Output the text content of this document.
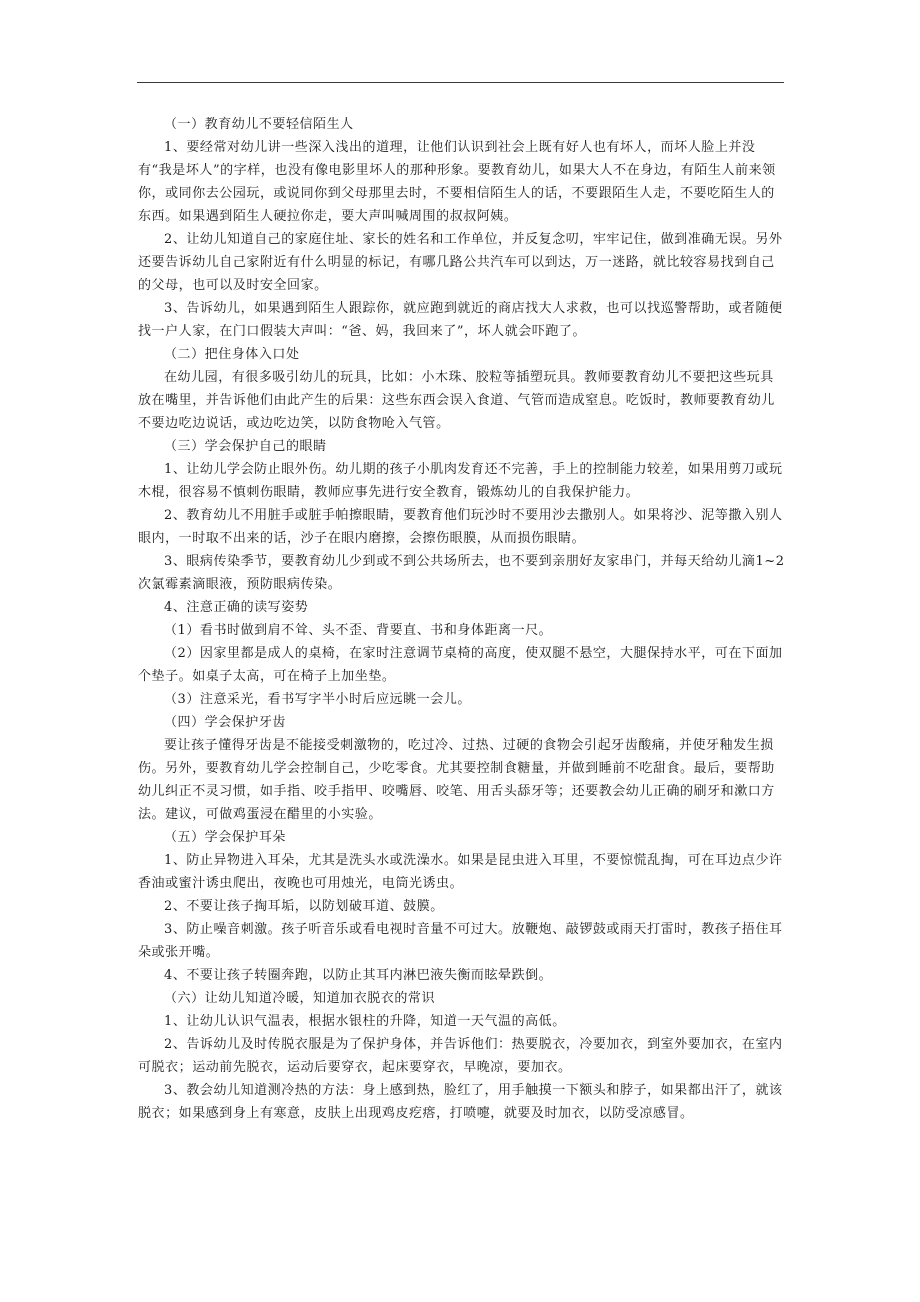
（一）教育幼儿不要轻信陌生人

1、要经常对幼儿讲一些深入浅出的道理，让他们认识到社会上既有好人也有坏人，而坏人脸上并没有“我是坏人”的字样，也没有像电影里坏人的那种形象。要教育幼儿，如果大人不在身边，有陌生人前来领你，或同你去公园玩，或说同你到父母那里去时，不要相信陌生人的话，不要跟陌生人走，不要吃陌生人的东西。如果遇到陌生人硬拉你走，要大声叫喊周围的叔叔阿姨。

2、让幼儿知道自己的家庭住址、家长的姓名和工作单位，并反复念叨，牢牢记住，做到准确无误。另外还要告诉幼儿自己家附近有什么明显的标记，有哪几路公共汽车可以到达，万一迷路，就比较容易找到自己的父母，也可以及时安全回家。

3、告诉幼儿，如果遇到陌生人跟踪你，就应跑到就近的商店找大人求救，也可以找巡警帮助，或者随便找一户人家，在门口假装大声叫：“爸、妈，我回来了”，坏人就会吓跑了。

（二）把住身体入口处

在幼儿园，有很多吸引幼儿的玩具，比如：小木珠、胶粒等插塑玩具。教师要教育幼儿不要把这些玩具放在嘴里，并告诉他们由此产生的后果：这些东西会误入食道、气管而造成窒息。吃饭时，教师要教育幼儿不要边吃边说话，或边吃边笑，以防食物呛入气管。

（三）学会保护自己的眼睛

1、让幼儿学会防止眼外伤。幼儿期的孩子小肌肉发育还不完善，手上的控制能力较差，如果用剪刀或玩木棍，很容易不慎刺伤眼睛，教师应事先进行安全教育，锻炼幼儿的自我保护能力。

2、教育幼儿不用脏手或脏手帕擦眼睛，要教育他们玩沙时不要用沙去撒别人。如果将沙、泥等撒入别人眼内，一时取不出来的话，沙子在眼内磨擦，会擦伤眼膜，从而损伤眼睛。

3、眼病传染季节，要教育幼儿少到或不到公共场所去，也不要到亲朋好友家串门，并每天给幼儿滴1~2次氯霉素滴眼液，预防眼病传染。

4、注意正确的读写姿势

（1）看书时做到肩不耸、头不歪、背要直、书和身体距离一尺。

（2）因家里都是成人的桌椅，在家时注意调节桌椅的高度，使双腿不悬空，大腿保持水平，可在下面加个垫子。如桌子太高，可在椅子上加坐垫。

（3）注意采光，看书写字半小时后应远眺一会儿。

（四）学会保护牙齿

要让孩子懂得牙齿是不能接受刺激物的，吃过冷、过热、过硬的食物会引起牙齿酸痛，并使牙釉发生损伤。另外，要教育幼儿学会控制自己，少吃零食。尤其要控制食糖量，并做到睡前不吃甜食。最后，要帮助幼儿纠正不灵习惯，如手指、咬手指甲、咬嘴唇、咬笔、用舌头舔牙等；还要教会幼儿正确的刷牙和漱口方法。建议，可做鸡蛋浸在醋里的小实验。

（五）学会保护耳朵

1、防止异物进入耳朵，尤其是洗头水或洗澡水。如果是昆虫进入耳里，不要惊慌乱掏，可在耳边点少许香油或蜜汁诱虫爬出，夜晚也可用烛光，电筒光诱虫。

2、不要让孩子掏耳垢，以防划破耳道、鼓膜。

3、防止噪音刺激。孩子听音乐或看电视时音量不可过大。放鞭炮、敲锣鼓或雨天打雷时，教孩子捂住耳朵或张开嘴。

4、不要让孩子转圈奔跑，以防止其耳内淋巴液失衡而眩晕跌倒。

（六）让幼儿知道冷暖，知道加衣脱衣的常识

1、让幼儿认识气温表，根据水银柱的升降，知道一天气温的高低。

2、告诉幼儿及时传脱衣服是为了保护身体，并告诉他们：热要脱衣，冷要加衣，到室外要加衣，在室内可脱衣；运动前先脱衣，运动后要穿衣，起床要穿衣，早晚凉，要加衣。

3、教会幼儿知道测冷热的方法：身上感到热，脸红了，用手触摸一下额头和脖子，如果都出汗了，就该脱衣；如果感到身上有寒意，皮肤上出现鸡皮疙瘩，打喷嚏，就要及时加衣，以防受凉感冒。
